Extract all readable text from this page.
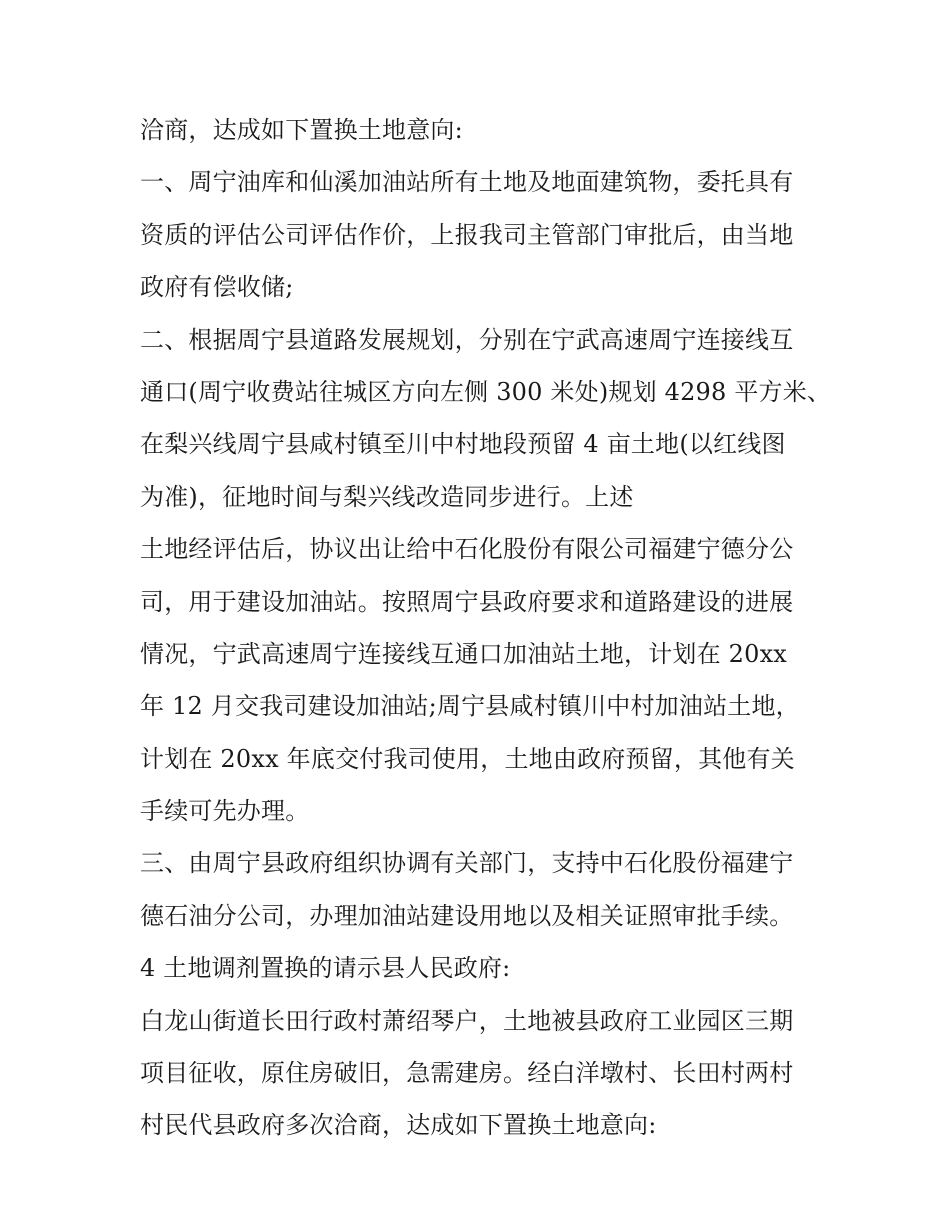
洽商，达成如下置换土地意向:
一、周宁油库和仙溪加油站所有土地及地面建筑物，委托具有
资质的评估公司评估作价，上报我司主管部门审批后，由当地
政府有偿收储;
二、根据周宁县道路发展规划，分别在宁武高速周宁连接线互
通口(周宁收费站往城区方向左侧 300 米处)规划 4298 平方米、
在梨兴线周宁县咸村镇至川中村地段预留 4 亩土地(以红线图
为准)，征地时间与梨兴线改造同步进行。上述
土地经评估后，协议出让给中石化股份有限公司福建宁德分公
司，用于建设加油站。按照周宁县政府要求和道路建设的进展
情况，宁武高速周宁连接线互通口加油站土地，计划在 20xx
年 12 月交我司建设加油站;周宁县咸村镇川中村加油站土地，
计划在 20xx 年底交付我司使用，土地由政府预留，其他有关
手续可先办理。
三、由周宁县政府组织协调有关部门，支持中石化股份福建宁
德石油分公司，办理加油站建设用地以及相关证照审批手续。
4 土地调剂置换的请示县人民政府:
白龙山街道长田行政村萧绍琴户，土地被县政府工业园区三期
项目征收，原住房破旧，急需建房。经白洋墩村、长田村两村
村民代县政府多次洽商，达成如下置换土地意向:
